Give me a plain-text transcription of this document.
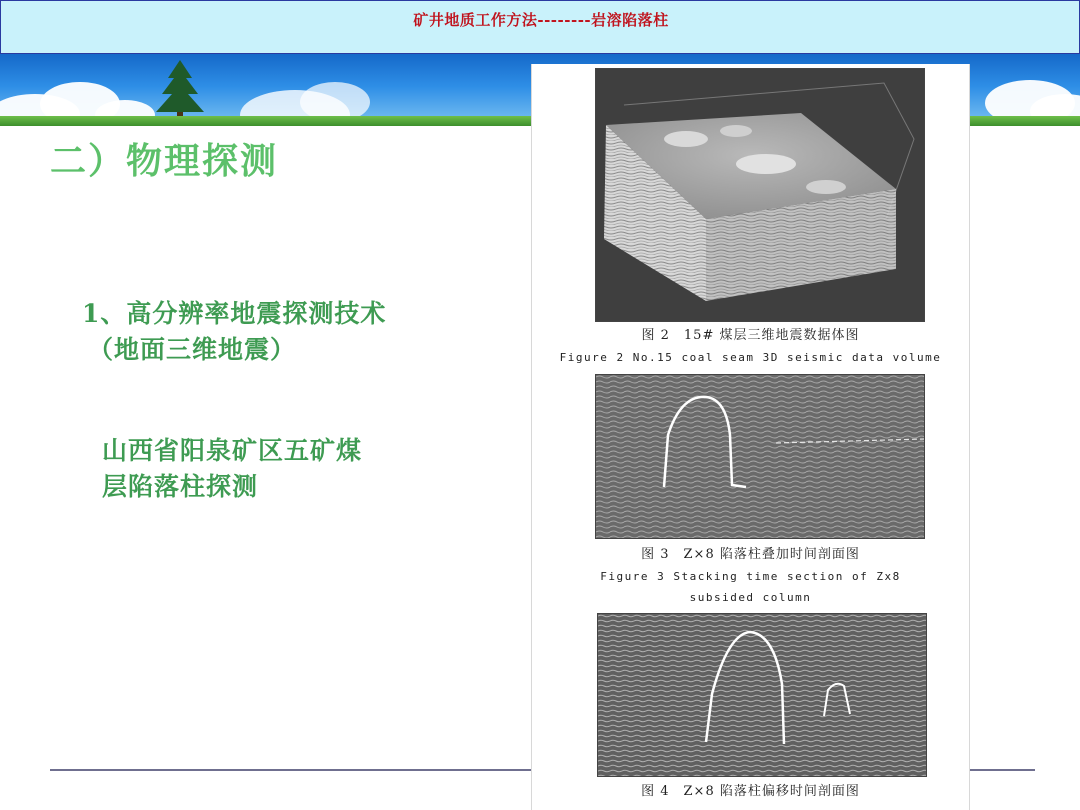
矿井地质工作方法--------岩溶陷落柱
二）物理探测
1、高分辨率地震探测技术
（地面三维地震）
山西省阳泉矿区五矿煤
层陷落柱探测
图 2　15# 煤层三维地震数据体图
Figure 2 No.15 coal seam 3D seismic data volume
图 3　Z×8 陷落柱叠加时间剖面图
Figure 3 Stacking time section of Zx8
subsided column
图 4　Z×8 陷落柱偏移时间剖面图
